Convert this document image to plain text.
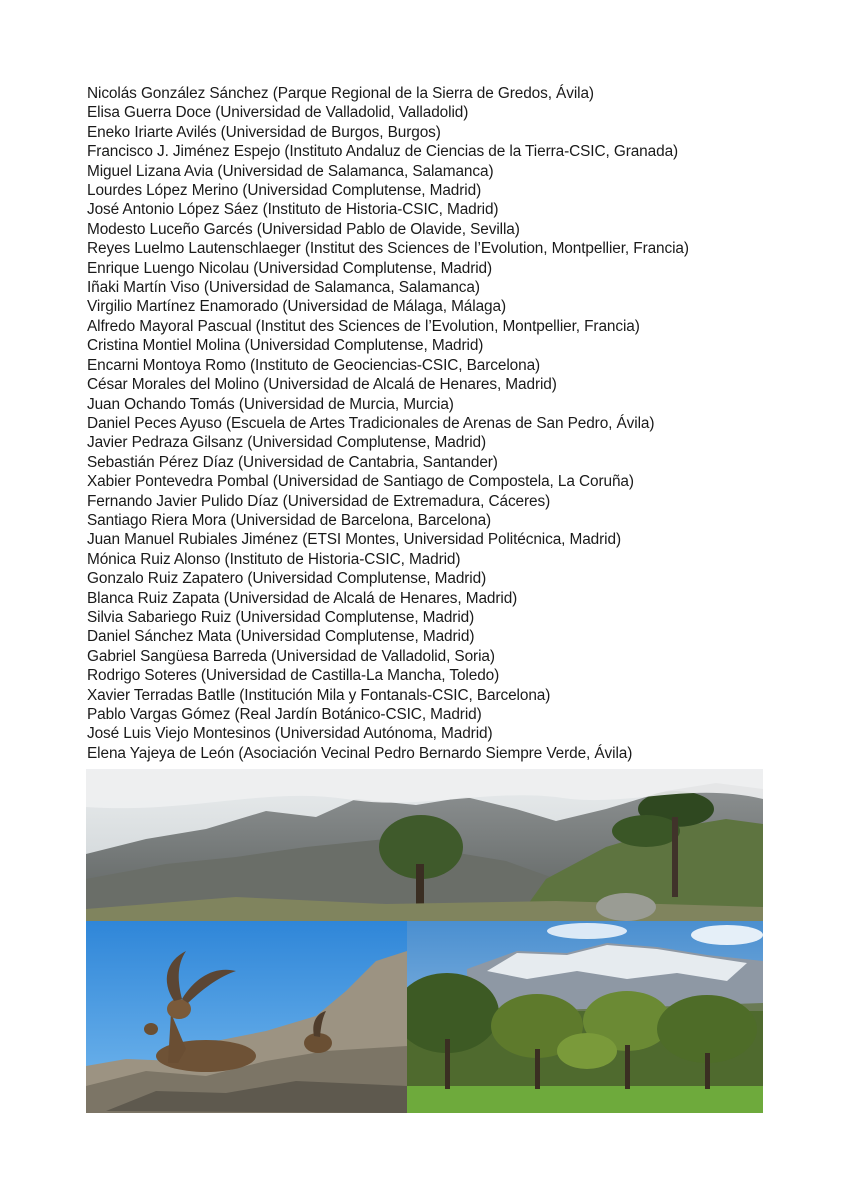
Nicolás González Sánchez (Parque Regional de la Sierra de Gredos, Ávila)
Elisa Guerra Doce (Universidad de Valladolid, Valladolid)
Eneko Iriarte Avilés (Universidad de Burgos, Burgos)
Francisco J. Jiménez Espejo (Instituto Andaluz de Ciencias de la Tierra-CSIC, Granada)
Miguel Lizana Avia (Universidad de Salamanca, Salamanca)
Lourdes López Merino (Universidad Complutense, Madrid)
José Antonio López Sáez (Instituto de Historia-CSIC, Madrid)
Modesto Luceño Garcés (Universidad Pablo de Olavide, Sevilla)
Reyes Luelmo Lautenschlaeger (Institut des Sciences de l’Evolution, Montpellier, Francia)
Enrique Luengo Nicolau (Universidad Complutense, Madrid)
Iñaki Martín Viso (Universidad de Salamanca, Salamanca)
Virgilio Martínez Enamorado (Universidad de Málaga, Málaga)
Alfredo Mayoral Pascual (Institut des Sciences de l’Evolution, Montpellier, Francia)
Cristina Montiel Molina (Universidad Complutense, Madrid)
Encarni Montoya Romo (Instituto de Geociencias-CSIC, Barcelona)
César Morales del Molino (Universidad de Alcalá de Henares, Madrid)
Juan Ochando Tomás (Universidad de Murcia, Murcia)
Daniel Peces Ayuso (Escuela de Artes Tradicionales de Arenas de San Pedro, Ávila)
Javier Pedraza Gilsanz (Universidad Complutense, Madrid)
Sebastián Pérez Díaz (Universidad de Cantabria, Santander)
Xabier Pontevedra Pombal (Universidad de Santiago de Compostela, La Coruña)
Fernando Javier Pulido Díaz (Universidad de Extremadura, Cáceres)
Santiago Riera Mora (Universidad de Barcelona, Barcelona)
Juan Manuel Rubiales Jiménez (ETSI Montes, Universidad Politécnica, Madrid)
Mónica Ruiz Alonso (Instituto de Historia-CSIC, Madrid)
Gonzalo Ruiz Zapatero (Universidad Complutense, Madrid)
Blanca Ruiz Zapata (Universidad de Alcalá de Henares, Madrid)
Silvia Sabariego Ruiz (Universidad Complutense, Madrid)
Daniel Sánchez Mata (Universidad Complutense, Madrid)
Gabriel Sangüesa Barreda (Universidad de Valladolid, Soria)
Rodrigo Soteres (Universidad de Castilla-La Mancha, Toledo)
Xavier Terradas Batlle (Institución Mila y Fontanals-CSIC, Barcelona)
Pablo Vargas Gómez (Real Jardín Botánico-CSIC, Madrid)
José Luis Viejo Montesinos (Universidad Autónoma, Madrid)
Elena Yajeya de León (Asociación Vecinal Pedro Bernardo Siempre Verde, Ávila)
